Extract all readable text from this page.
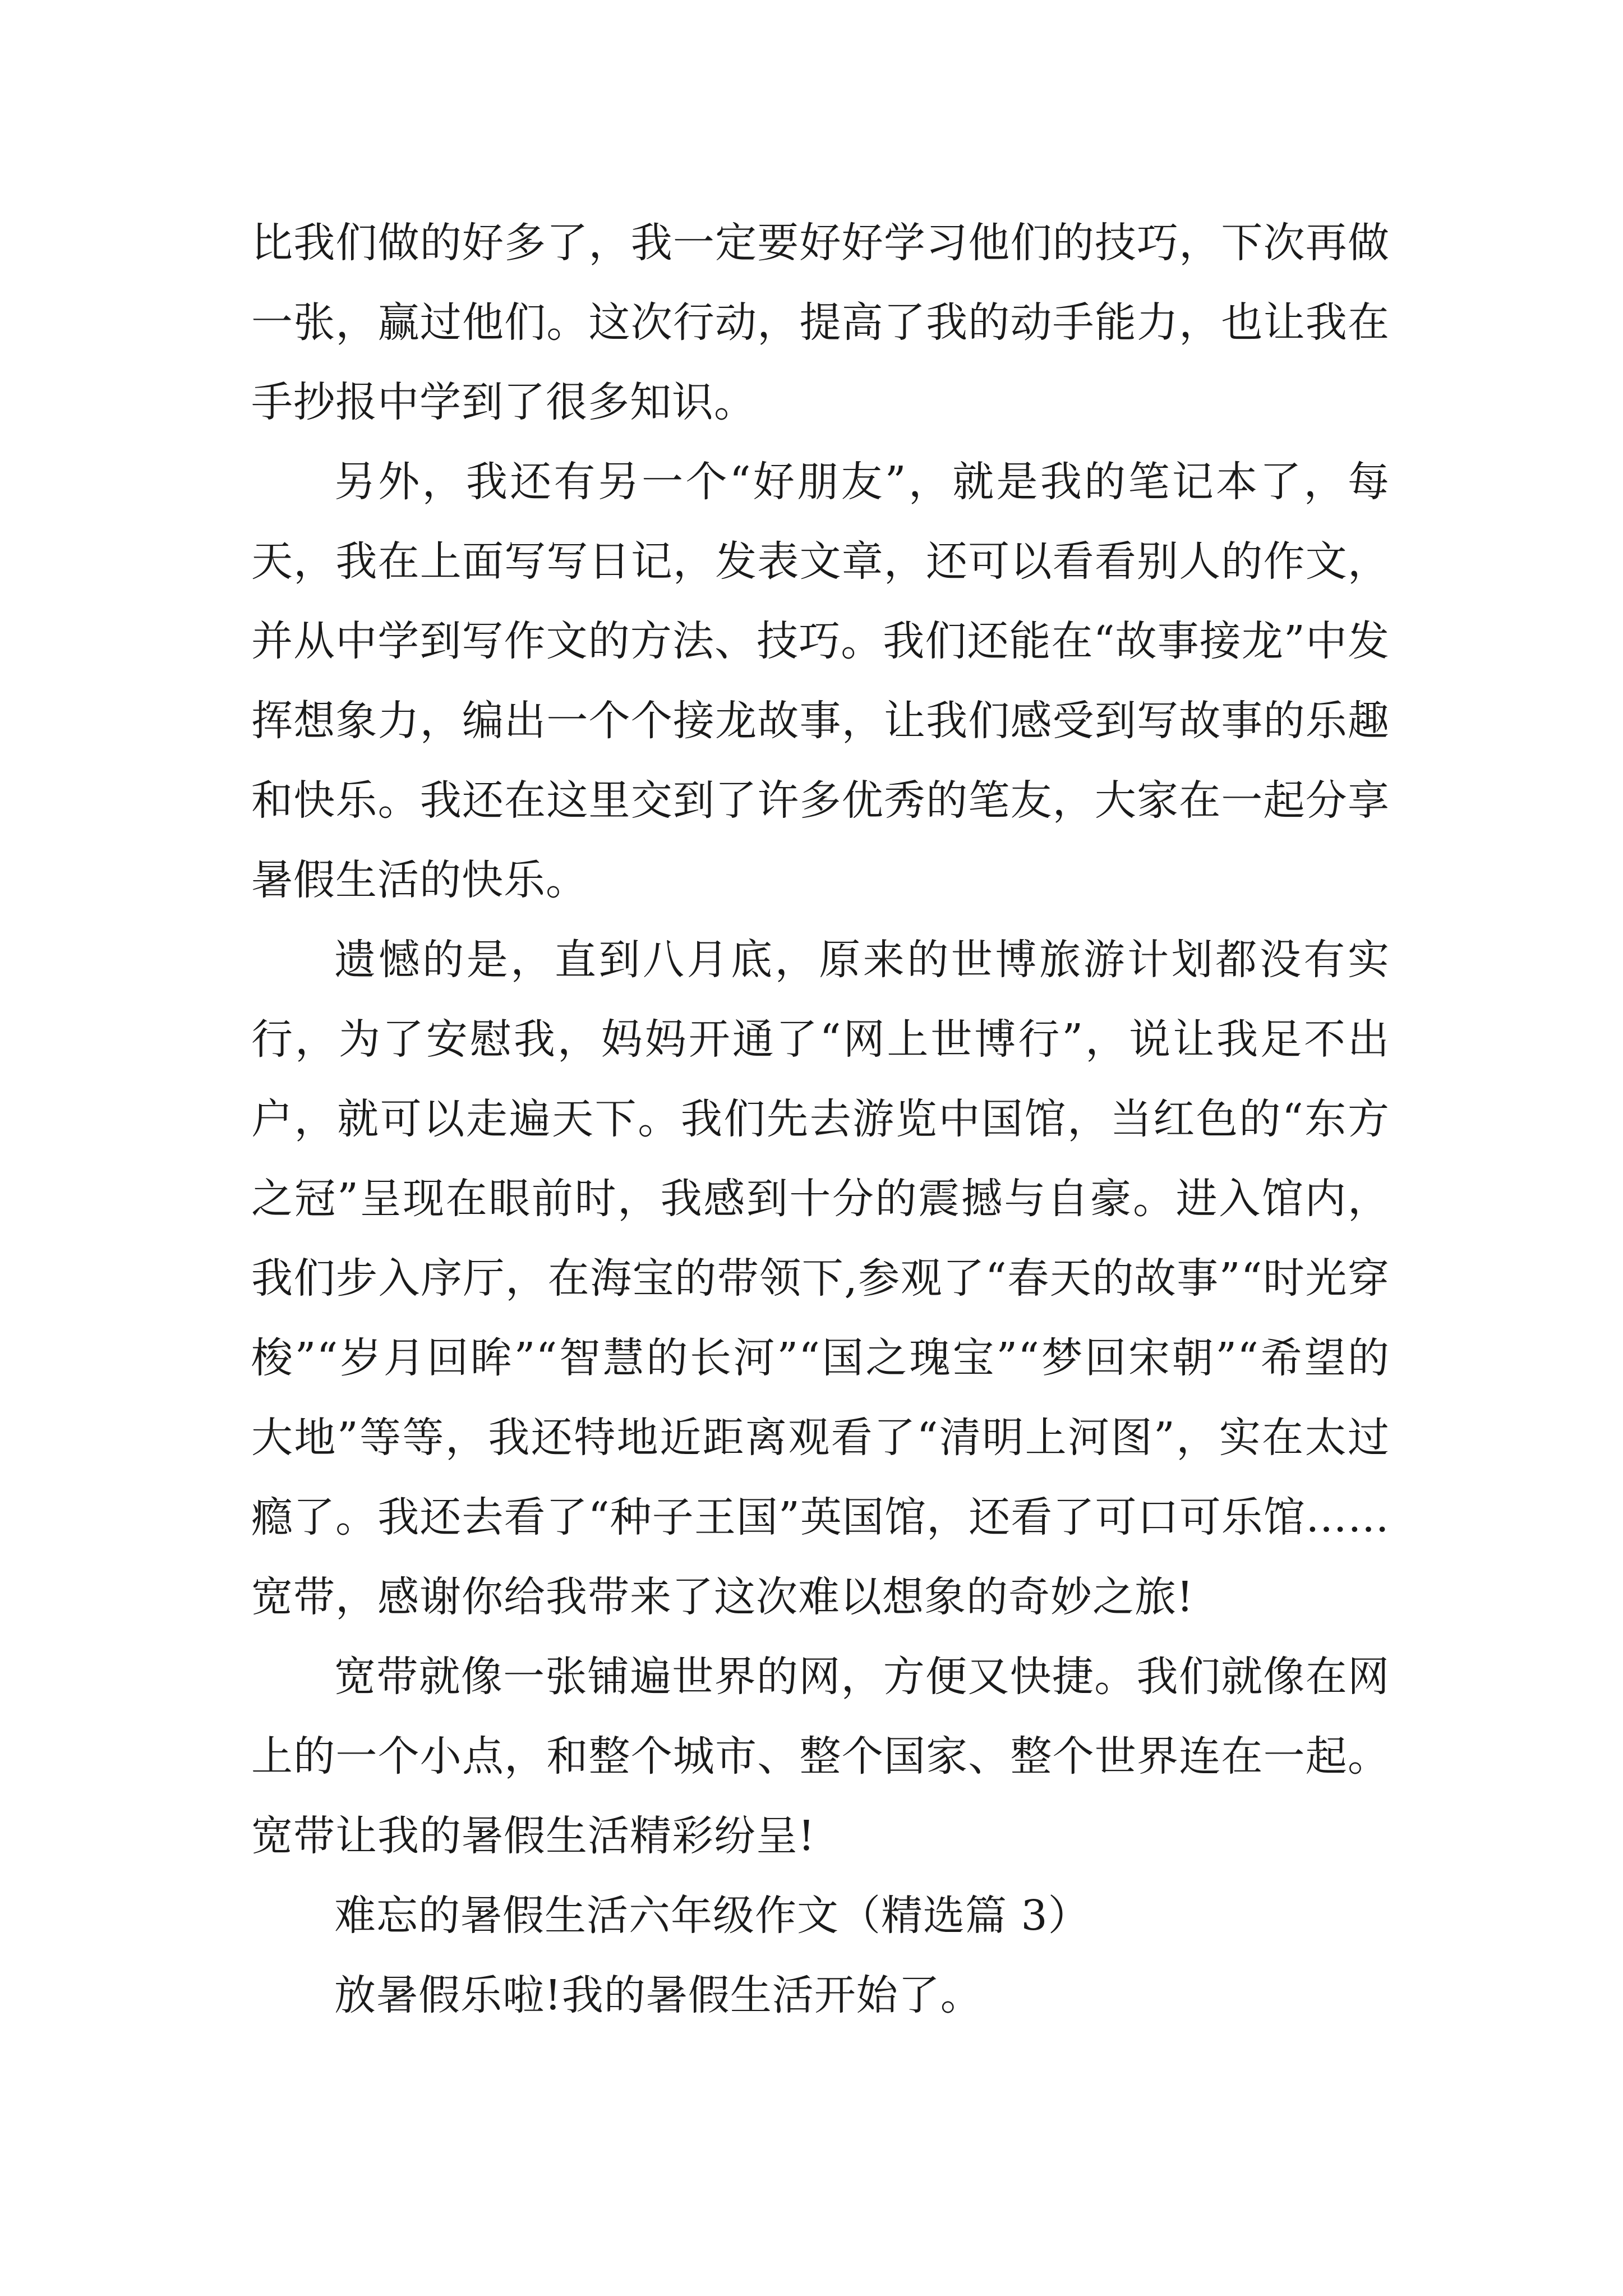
比我们做的好多了，我一定要好好学习他们的技巧，下次再做一张，赢过他们。这次行动，提高了我的动手能力，也让我在手抄报中学到了很多知识。

另外，我还有另一个“好朋友”，就是我的笔记本了，每天，我在上面写写日记，发表文章，还可以看看别人的作文，并从中学到写作文的方法、技巧。我们还能在“故事接龙”中发挥想象力，编出一个个接龙故事，让我们感受到写故事的乐趣和快乐。我还在这里交到了许多优秀的笔友，大家在一起分享暑假生活的快乐。

遗憾的是，直到八月底，原来的世博旅游计划都没有实行，为了安慰我，妈妈开通了“网上世博行”，说让我足不出户，就可以走遍天下。我们先去游览中国馆，当红色的“东方之冠”呈现在眼前时，我感到十分的震撼与自豪。进入馆内，我们步入序厅，在海宝的带领下,参观了“春天的故事”“时光穿梭”“岁月回眸”“智慧的长河”“国之瑰宝”“梦回宋朝”“希望的大地”等等，我还特地近距离观看了“清明上河图”，实在太过瘾了。我还去看了“种子王国”英国馆，还看了可口可乐馆……宽带，感谢你给我带来了这次难以想象的奇妙之旅!

宽带就像一张铺遍世界的网，方便又快捷。我们就像在网上的一个小点，和整个城市、整个国家、整个世界连在一起。宽带让我的暑假生活精彩纷呈!

难忘的暑假生活六年级作文（精选篇 3）

放暑假乐啦!我的暑假生活开始了。
